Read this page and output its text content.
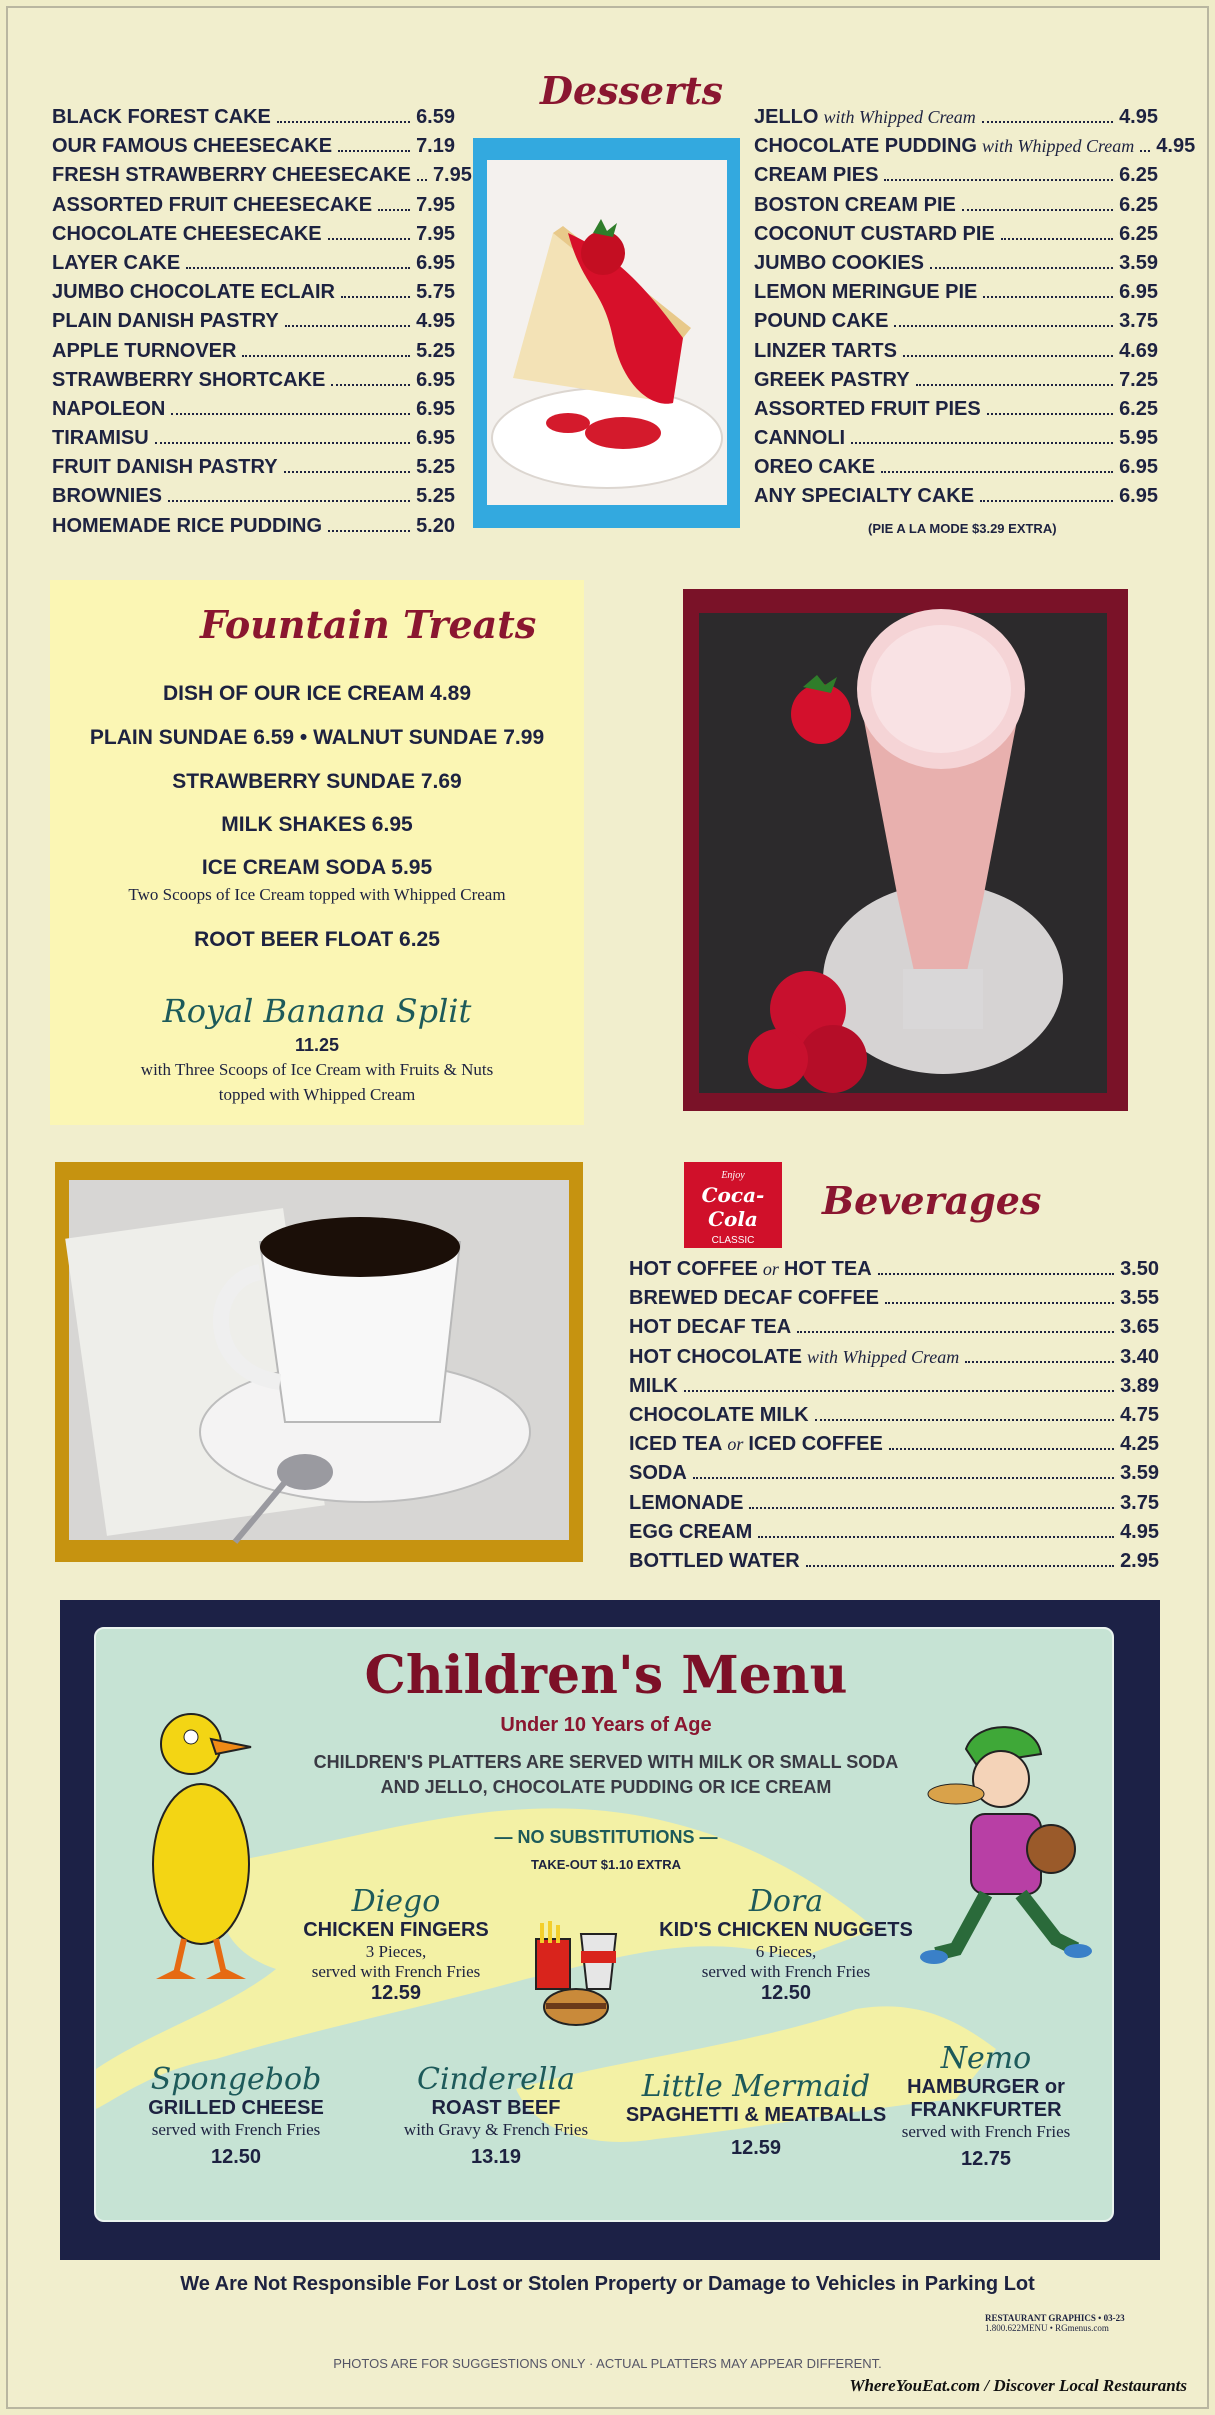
Desserts
BLACK FOREST CAKE	6.59
OUR FAMOUS CHEESECAKE	7.19
FRESH STRAWBERRY CHEESECAKE 7.95
ASSORTED FRUIT CHEESECAKE 7.95
CHOCOLATE CHEESECAKE	7.95
LAYER CAKE	6.95
JUMBO CHOCOLATE ECLAIR	5.75
PLAIN DANISH PASTRY	4.95
APPLE TURNOVER	5.25
STRAWBERRY SHORTCAKE	6.95
NAPOLEON	6.95
TIRAMISU	6.95
FRUIT DANISH PASTRY	5.25
BROWNIES	5.25
HOMEMADE RICE PUDDING	5.20
JELLO with Whipped Cream	4.95
CHOCOLATE PUDDING with Whipped Cream 4.95
CREAM PIES	6.25
BOSTON CREAM PIE	6.25
COCONUT CUSTARD PIE	6.25
JUMBO COOKIES	3.59
LEMON MERINGUE PIE	6.95
POUND CAKE	3.75
LINZER TARTS	4.69
GREEK PASTRY	7.25
ASSORTED FRUIT PIES	6.25
CANNOLI	5.95
OREO CAKE	6.95
ANY SPECIALTY CAKE	6.95
(PIE A LA MODE $3.29 EXTRA)
Fountain Treats
DISH OF OUR ICE CREAM 4.89
PLAIN SUNDAE 6.59 • WALNUT SUNDAE 7.99
STRAWBERRY SUNDAE 7.69
MILK SHAKES 6.95
ICE CREAM SODA 5.95
Two Scoops of Ice Cream topped with Whipped Cream
ROOT BEER FLOAT 6.25
Royal Banana Split
11.25
with Three Scoops of Ice Cream with Fruits & Nuts
topped with Whipped Cream
Enjoy
Coca-Cola
CLASSIC
Beverages
HOT COFFEE or HOT TEA	3.50
BREWED DECAF COFFEE	3.55
HOT DECAF TEA	3.65
HOT CHOCOLATE with Whipped Cream	3.40
MILK	3.89
CHOCOLATE MILK	4.75
ICED TEA or ICED COFFEE	4.25
SODA	3.59
LEMONADE	3.75
EGG CREAM	4.95
BOTTLED WATER	2.95
Children's Menu
Under 10 Years of Age
CHILDREN'S PLATTERS ARE SERVED WITH MILK OR SMALL SODA
AND JELLO, CHOCOLATE PUDDING OR ICE CREAM
— NO SUBSTITUTIONS —
TAKE-OUT $1.10 EXTRA
Diego
CHICKEN FINGERS
3 Pieces,
served with French Fries
12.59
Dora
KID'S CHICKEN NUGGETS
6 Pieces,
served with French Fries
12.50
Spongebob
GRILLED CHEESE
served with French Fries
12.50
Cinderella
ROAST BEEF
with Gravy & French Fries
13.19
Little Mermaid
SPAGHETTI & MEATBALLS
12.59
Nemo
HAMBURGER or
FRANKFURTER
served with French Fries
12.75
We Are Not Responsible For Lost or Stolen Property or Damage to Vehicles in Parking Lot
RESTAURANT GRAPHICS • 03-23
1.800.622MENU • RGmenus.com
PHOTOS ARE FOR SUGGESTIONS ONLY · ACTUAL PLATTERS MAY APPEAR DIFFERENT.
WhereYouEat.com / Discover Local Restaurants
